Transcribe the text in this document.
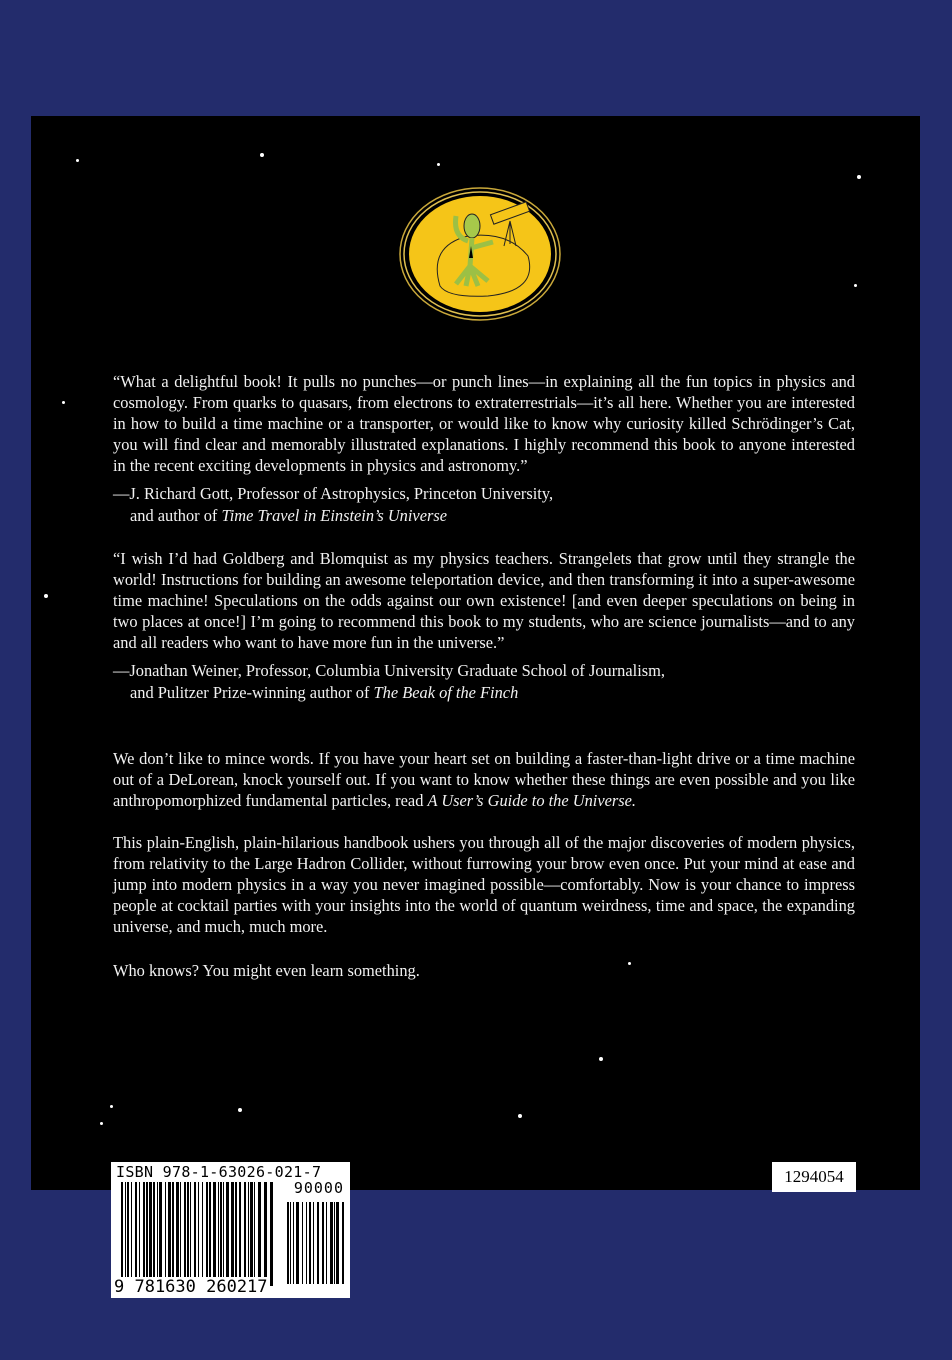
“What a delightful book! It pulls no punches—or punch lines—in explaining all the fun topics in physics and cosmology. From quarks to quasars, from electrons to extraterrestrials—it’s all here. Whether you are interested in how to build a time machine or a transporter, or would like to know why curiosity killed Schrödinger’s Cat, you will find clear and memorably illustrated explanations. I highly recommend this book to anyone interested in the recent exciting developments in physics and astronomy.”
—J. Richard Gott, Professor of Astrophysics, Princeton University,
and author of Time Travel in Einstein’s Universe
“I wish I’d had Goldberg and Blomquist as my physics teachers. Strangelets that grow until they strangle the world! Instructions for building an awesome teleportation device, and then transforming it into a super-awesome time machine! Speculations on the odds against our own existence! [and even deeper speculations on being in two places at once!] I’m going to recommend this book to my students, who are science journalists—and to any and all readers who want to have more fun in the universe.”
—Jonathan Weiner, Professor, Columbia University Graduate School of Journalism,
and Pulitzer Prize-winning author of The Beak of the Finch
We don’t like to mince words. If you have your heart set on building a faster-than-light drive or a time machine out of a DeLorean, knock yourself out. If you want to know whether these things are even possible and you like anthropomorphized fundamental particles, read A User’s Guide to the Universe.
This plain-English, plain-hilarious handbook ushers you through all of the major discoveries of modern physics, from relativity to the Large Hadron Collider, without furrowing your brow even once. Put your mind at ease and jump into modern physics in a way you never imagined possible—comfortably. Now is your chance to impress people at cocktail parties with your insights into the world of quantum weirdness, time and space, the expanding universe, and much, much more.
Who knows? You might even learn something.
ISBN 978-1-63026-021-7
90000
9 781630 260217
1294054
